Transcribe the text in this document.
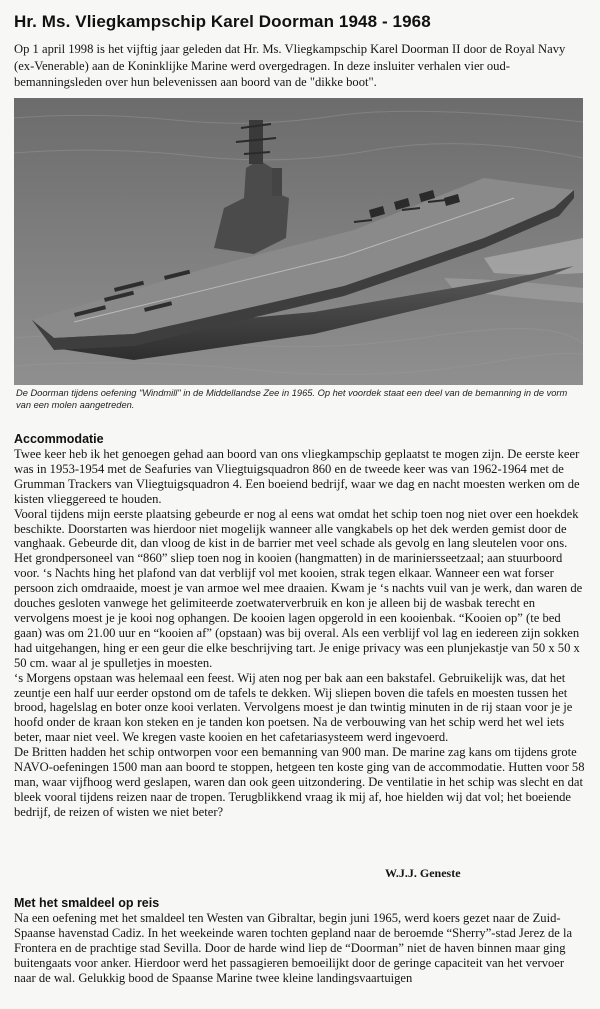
Hr. Ms. Vliegkampschip Karel Doorman 1948 - 1968

Op 1 april 1998 is het vijftig jaar geleden dat Hr. Ms. Vliegkampschip Karel Doorman II door de Royal Navy (ex-Venerable) aan de Koninklijke Marine werd overgedragen. In deze insluiter verhalen vier oud-bemanningsleden over hun belevenissen aan boord van de "dikke boot".

De Doorman tijdens oefening "Windmill" in de Middellandse Zee in 1965. Op het voordek staat een deel van de bemanning in de vorm van een molen aangetreden.

Accommodatie

Twee keer heb ik het genoegen gehad aan boord van ons vliegkampschip geplaatst te mogen zijn. De eerste keer was in 1953-1954 met de Seafuries van Vliegtuigsquadron 860 en de tweede keer was van 1962-1964 met de Grumman Trackers van Vliegtuigsquadron 4. Een boeiend bedrijf, waar we dag en nacht moesten werken om de kisten vlieggereed te houden.

Vooral tijdens mijn eerste plaatsing gebeurde er nog al eens wat omdat het schip toen nog niet over een hoekdek beschikte. Doorstarten was hierdoor niet mogelijk wanneer alle vangkabels op het dek werden gemist door de vanghaak. Gebeurde dit, dan vloog de kist in de barrier met veel schade als gevolg en lang sleutelen voor ons.

Het grondpersoneel van “860” sliep toen nog in kooien (hangmatten) in de mariniersseetzaal; aan stuurboord voor. ‘s Nachts hing het plafond van dat verblijf vol met kooien, strak tegen elkaar. Wanneer een wat forser persoon zich omdraaide, moest je van armoe wel mee draaien. Kwam je ‘s nachts vuil van je werk, dan waren de douches gesloten vanwege het gelimiteerde zoetwaterverbruik en kon je alleen bij de wasbak terecht en vervolgens moest je je kooi nog ophangen. De kooien lagen opgerold in een kooienbak. “Kooien op” (te bed gaan) was om 21.00 uur en “kooien af” (opstaan) was bij overal. Als een verblijf vol lag en iedereen zijn sokken had uitgehangen, hing er een geur die elke beschrijving tart. Je enige privacy was een plunjekastje van 50 x 50 x 50 cm. waar al je spulletjes in moesten.

‘s Morgens opstaan was helemaal een feest. Wij aten nog per bak aan een bakstafel. Gebruikelijk was, dat het zeuntje een half uur eerder opstond om de tafels te dekken. Wij sliepen boven die tafels en moesten tussen het brood, hagelslag en boter onze kooi verlaten. Vervolgens moest je dan twintig minuten in de rij staan voor je je hoofd onder de kraan kon steken en je tanden kon poetsen. Na de verbouwing van het schip werd het wel iets beter, maar niet veel. We kregen vaste kooien en het cafetariasysteem werd ingevoerd.

De Britten hadden het schip ontworpen voor een bemanning van 900 man. De marine zag kans om tijdens grote NAVO-oefeningen 1500 man aan boord te stoppen, hetgeen ten koste ging van de accommodatie. Hutten voor 58 man, waar vijfhoog werd geslapen, waren dan ook geen uitzondering. De ventilatie in het schip was slecht en dat bleek vooral tijdens reizen naar de tropen. Terugblikkend vraag ik mij af, hoe hielden wij dat vol; het boeiende bedrijf, de reizen of wisten we niet beter?

W.J.J. Geneste

Met het smaldeel op reis

Na een oefening met het smaldeel ten Westen van Gibraltar, begin juni 1965, werd koers gezet naar de Zuid-Spaanse havenstad Cadiz. In het weekeinde waren tochten gepland naar de beroemde “Sherry”-stad Jerez de la Frontera en de prachtige stad Sevilla. Door de harde wind liep de “Doorman” niet de haven binnen maar ging buitengaats voor anker. Hierdoor werd het passagieren bemoeilijkt door de geringe capaciteit van het vervoer naar de wal. Gelukkig bood de Spaanse Marine twee kleine landingsvaartuigen
